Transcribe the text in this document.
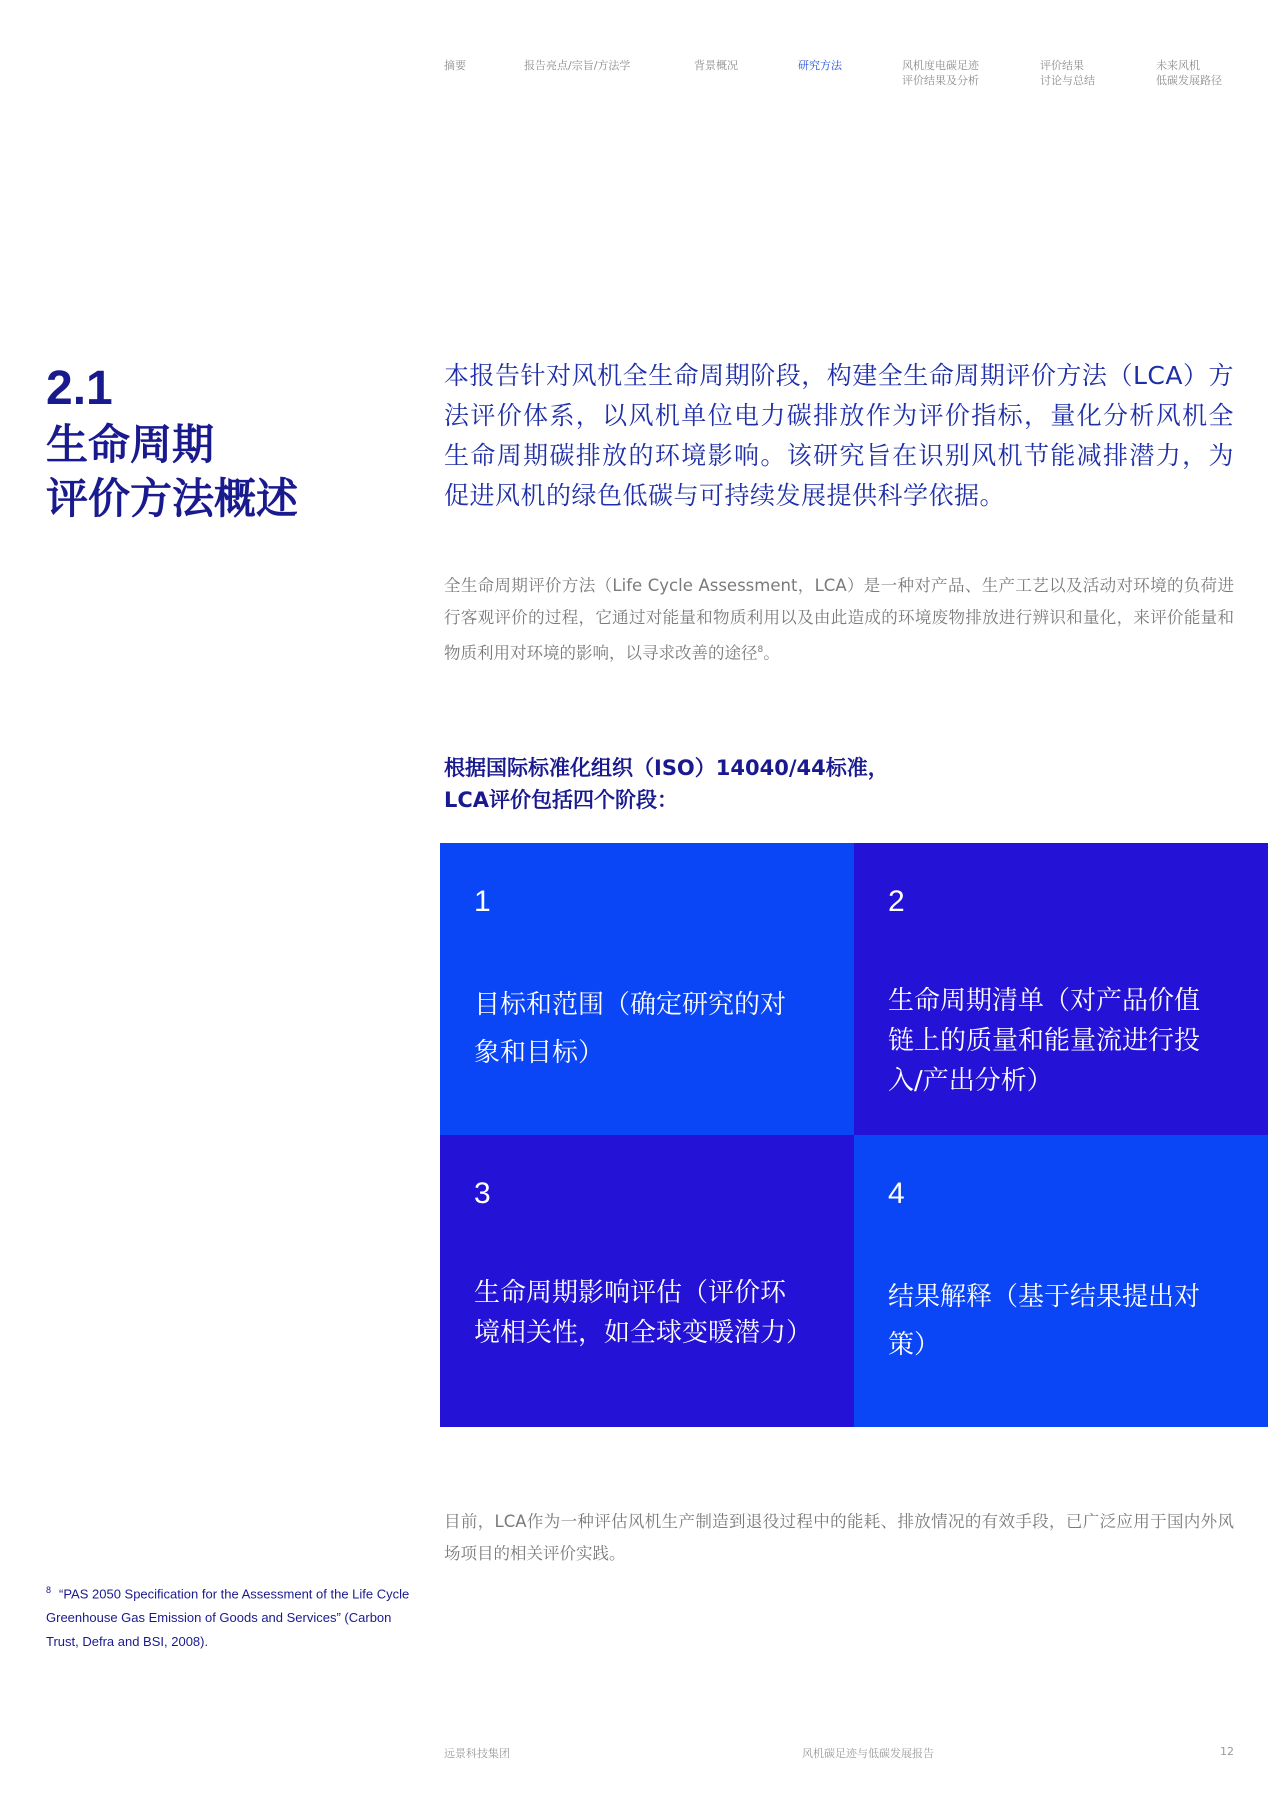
摘要	报告亮点/宗旨/方法学	背景概况	研究方法	风机度电碳足迹
评价结果及分析
评价结果
讨论与总结
未来风机
低碳发展路径
2.1
生命周期
评价方法概述

本报告针对风机全生命周期阶段，构建全生命周期评价方法（LCA）方法评价体系，以风机单位电力碳排放作为评价指标，量化分析风机全生命周期碳排放的环境影响。该研究旨在识别风机节能减排潜力，为促进风机的绿色低碳与可持续发展提供科学依据。

全生命周期评价方法（Life Cycle Assessment，LCA）是一种对产品、生产工艺以及活动对环境的负荷进行客观评价的过程，它通过对能量和物质利用以及由此造成的环境废物排放进行辨识和量化，来评价能量和物质利用对环境的影响，以寻求改善的途径$^8$。

根据国际标准化组织（ISO）14040/44标准，
LCA评价包括四个阶段：
1
目标和范围（确定研究的对象和目标）
2
生命周期清单（对产品价值链上的质量和能量流进行投入/产出分析）
3
生命周期影响评估（评价环境相关性，如全球变暖潜力）
4
结果解释（基于结果提出对策）

目前，LCA作为一种评估风机生产制造到退役过程中的能耗、排放情况的有效手段，已广泛应用于国内外风场项目的相关评价实践。

$^8$ “PAS 2050 Specification for the Assessment of the Life Cycle Greenhouse Gas Emission of Goods and Services” (Carbon Trust, Defra and BSI, 2008).
远景科技集团	风机碳足迹与低碳发展报告	12
